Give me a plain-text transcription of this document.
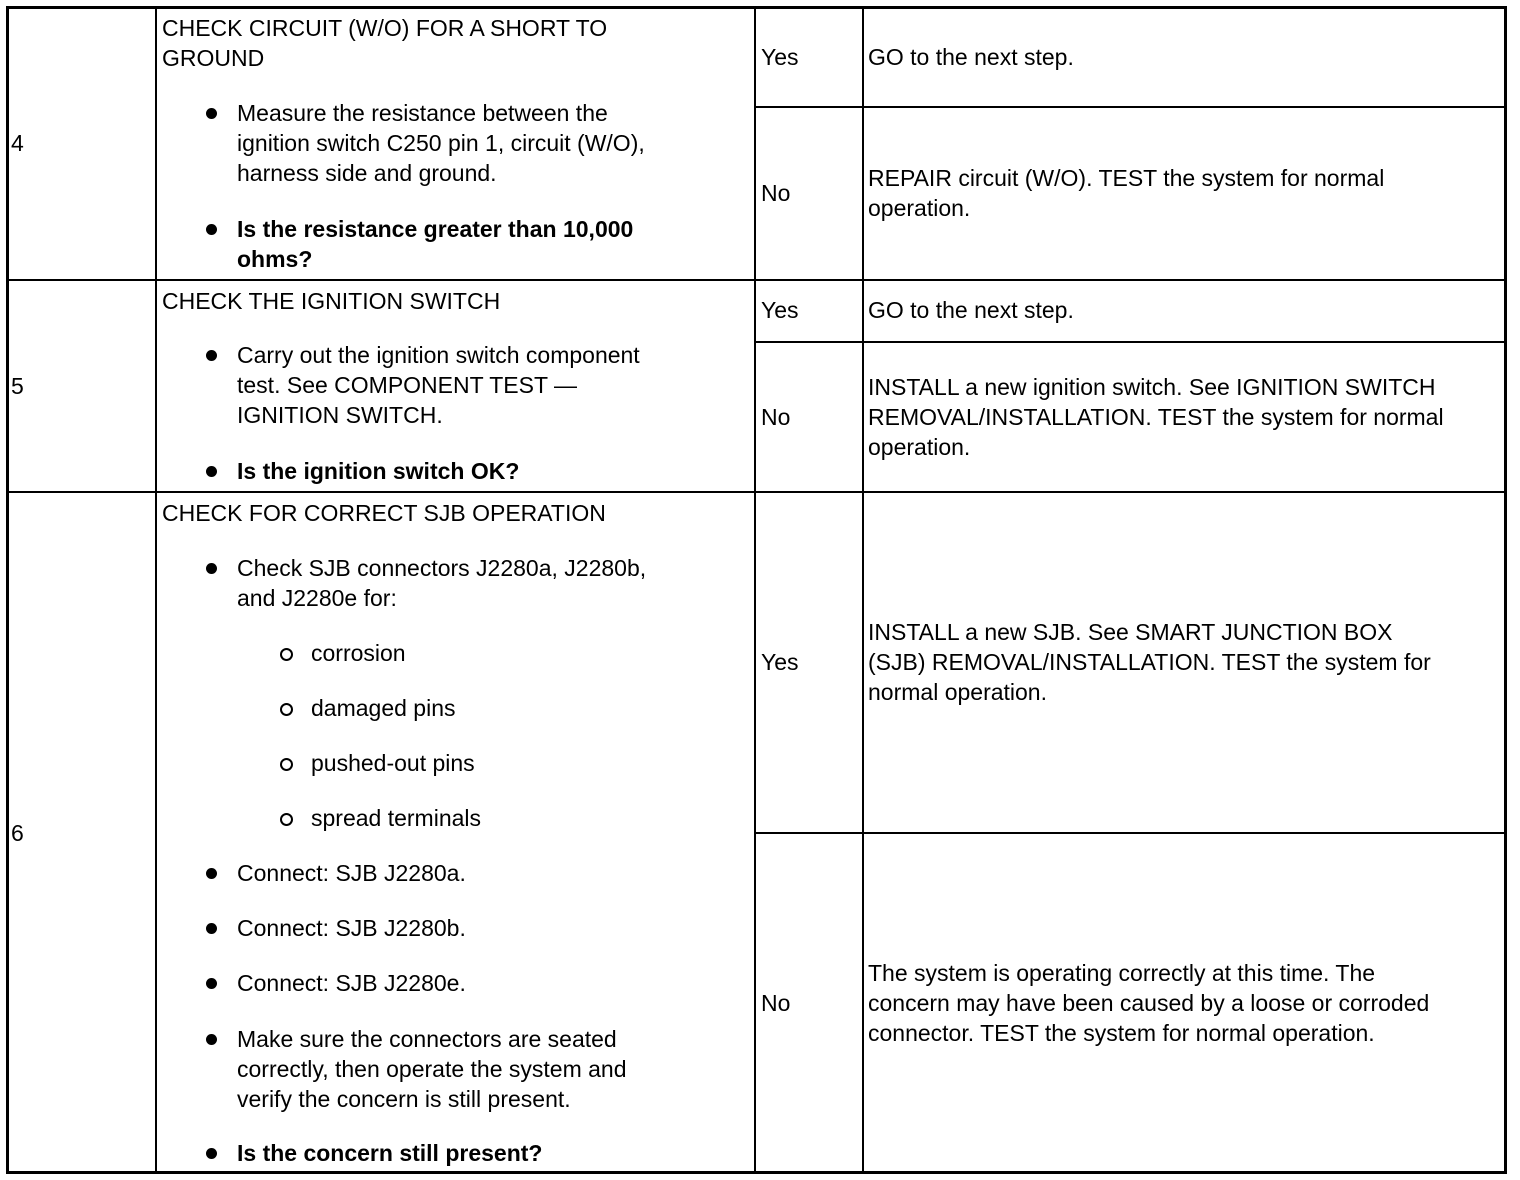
4
CHECK CIRCUIT (W/O) FOR A SHORT TO
GROUND
Measure the resistance between the
ignition switch C250 pin 1, circuit (W/O),
harness side and ground.
Is the resistance greater than 10,000
ohms?
Yes	GO to the next step.
No
REPAIR circuit (W/O). TEST the system for normal
operation.
5
CHECK THE IGNITION SWITCH
Carry out the ignition switch component
test. See COMPONENT TEST —
IGNITION SWITCH.
Is the ignition switch OK?
Yes	GO to the next step.
No
INSTALL a new ignition switch. See IGNITION SWITCH
REMOVAL/INSTALLATION. TEST the system for normal
operation.
6
CHECK FOR CORRECT SJB OPERATION
Check SJB connectors J2280a, J2280b,
and J2280e for:
corrosion
damaged pins
pushed-out pins
spread terminals
Connect: SJB J2280a.
Connect: SJB J2280b.
Connect: SJB J2280e.
Make sure the connectors are seated
correctly, then operate the system and
verify the concern is still present.
Is the concern still present?
Yes
INSTALL a new SJB. See SMART JUNCTION BOX
(SJB) REMOVAL/INSTALLATION. TEST the system for
normal operation.
No
The system is operating correctly at this time. The
concern may have been caused by a loose or corroded
connector. TEST the system for normal operation.
